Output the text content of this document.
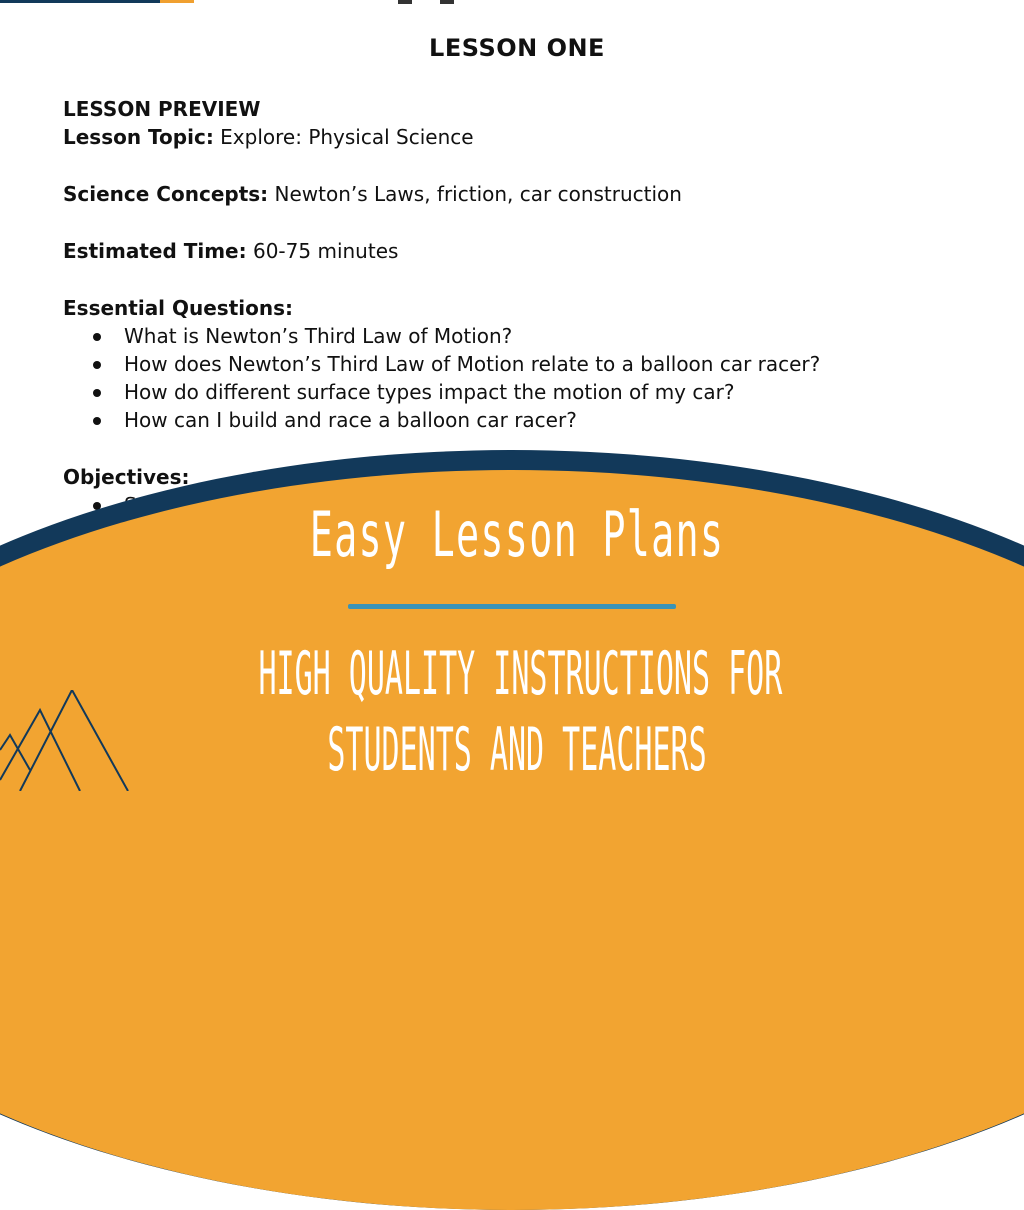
LESSON ONE
LESSON PREVIEW
Lesson Topic: Explore: Physical Science
Science Concepts: Newton’s Laws, friction, car construction
Estimated Time: 60-75 minutes
Essential Questions:
What is Newton’s Third Law of Motion?
How does Newton’s Third Law of Motion relate to a balloon car racer?
How do different surface types impact the motion of my car?
How can I build and race a balloon car racer?
Objectives:
Easy Lesson Plans
HIGH QUALITY INSTRUCTIONS FOR
STUDENTS AND TEACHERS
